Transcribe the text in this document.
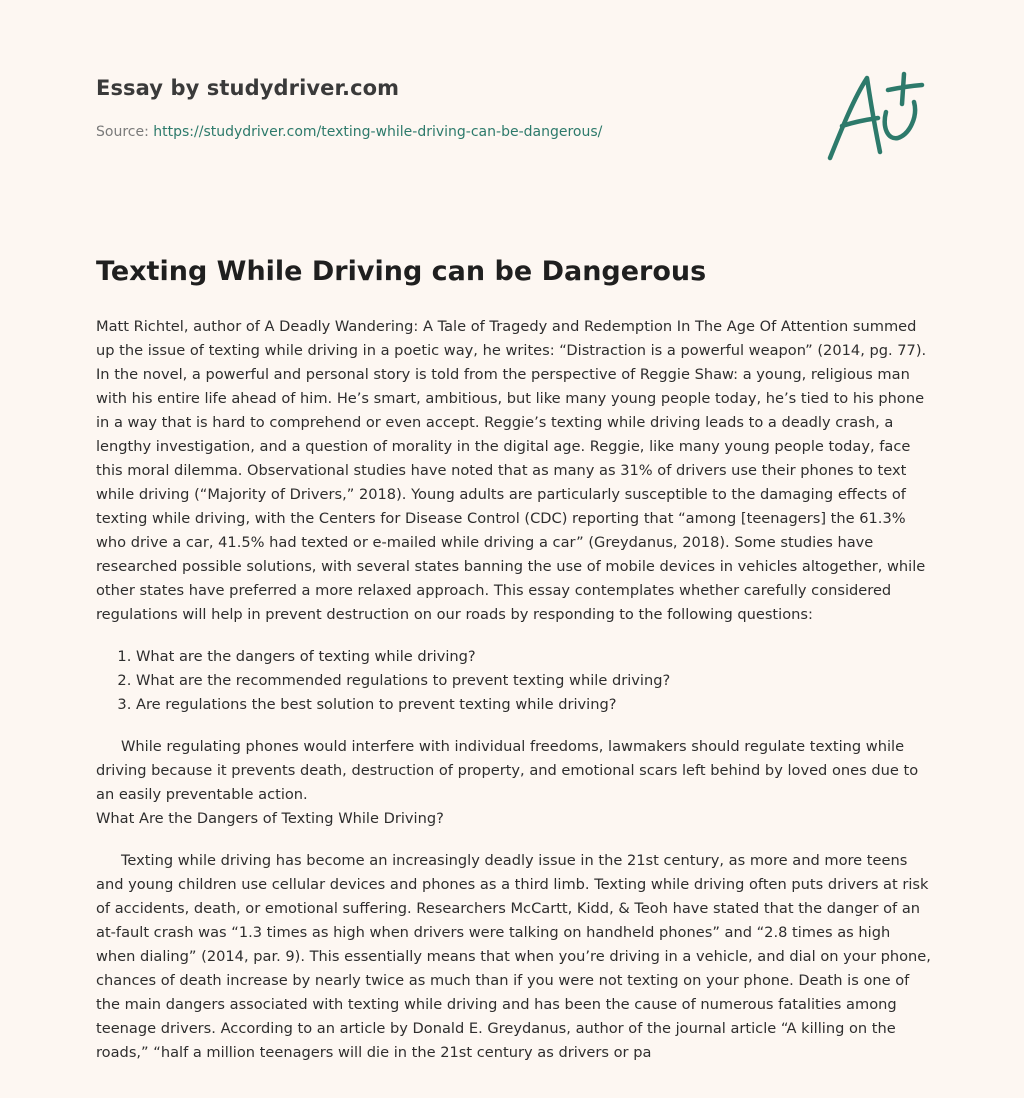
Essay by studydriver.com
Source: https://studydriver.com/texting-while-driving-can-be-dangerous/
Texting While Driving can be Dangerous

Matt Richtel, author of A Deadly Wandering: A Tale of Tragedy and Redemption In The Age Of Attention summed up the issue of texting while driving in a poetic way, he writes: “Distraction is a powerful weapon” (2014, pg. 77). In the novel, a powerful and personal story is told from the perspective of Reggie Shaw: a young, religious man with his entire life ahead of him. He’s smart, ambitious, but like many young people today, he’s tied to his phone in a way that is hard to comprehend or even accept. Reggie’s texting while driving leads to a deadly crash, a lengthy investigation, and a question of morality in the digital age. Reggie, like many young people today, face this moral dilemma. Observational studies have noted that as many as 31% of drivers use their phones to text while driving (“Majority of Drivers,” 2018). Young adults are particularly susceptible to the damaging effects of texting while driving, with the Centers for Disease Control (CDC) reporting that “among [teenagers] the 61.3% who drive a car, 41.5% had texted or e-mailed while driving a car” (Greydanus, 2018). Some studies have researched possible solutions, with several states banning the use of mobile devices in vehicles altogether, while other states have preferred a more relaxed approach. This essay contemplates whether carefully considered regulations will help in prevent destruction on our roads by responding to the following questions:

1. What are the dangers of texting while driving?
2. What are the recommended regulations to prevent texting while driving?
3. Are regulations the best solution to prevent texting while driving?

While regulating phones would interfere with individual freedoms, lawmakers should regulate texting while driving because it prevents death, destruction of property, and emotional scars left behind by loved ones due to an easily preventable action.

What Are the Dangers of Texting While Driving?

Texting while driving has become an increasingly deadly issue in the 21st century, as more and more teens and young children use cellular devices and phones as a third limb. Texting while driving often puts drivers at risk of accidents, death, or emotional suffering. Researchers McCartt, Kidd, & Teoh have stated that the danger of an at-fault crash was “1.3 times as high when drivers were talking on handheld phones” and “2.8 times as high when dialing” (2014, par. 9). This essentially means that when you’re driving in a vehicle, and dial on your phone, chances of death increase by nearly twice as much than if you were not texting on your phone. Death is one of the main dangers associated with texting while driving and has been the cause of numerous fatalities among teenage drivers. According to an article by Donald E. Greydanus, author of the journal article “A killing on the roads,” “half a million teenagers will die in the 21st century as drivers or pa
